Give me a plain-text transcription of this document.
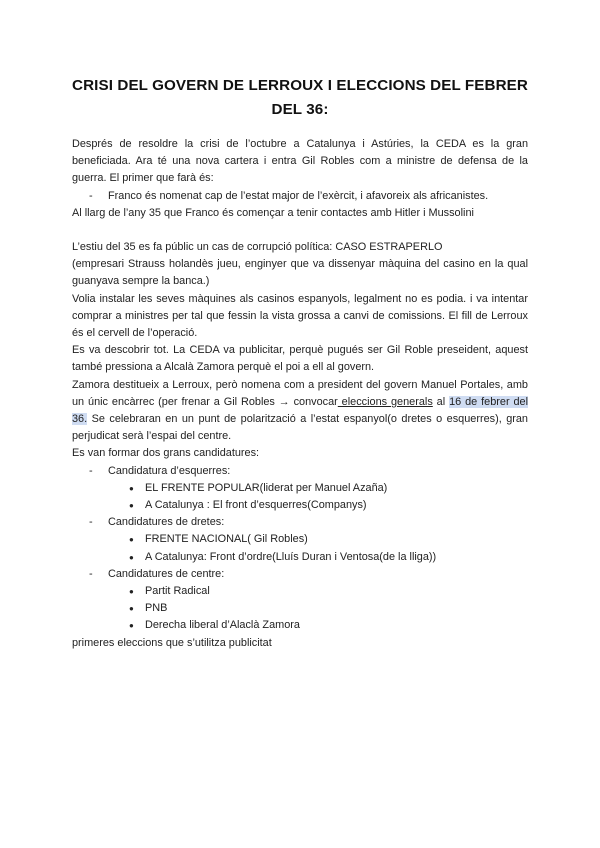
CRISI DEL GOVERN DE LERROUX I ELECCIONS DEL FEBRER
DEL 36:

Després de resoldre la crisi de l’octubre a Catalunya i Astúries, la CEDA es la gran beneficiada. Ara té una nova cartera i entra Gil Robles com a ministre de defensa de la guerra. El primer que farà és:

- Franco és nomenat cap de l’estat major de l’exèrcit, i afavoreix als africanistes.

Al llarg de l’any 35 que Franco és començar a tenir contactes amb Hitler i Mussolini

L’estiu del 35 es fa públic un cas de corrupció política: CASO ESTRAPERLO

(empresari Strauss holandès jueu, enginyer que va dissenyar màquina del casino en la qual guanyava sempre la banca.)

Volia instalar les seves màquines als casinos espanyols, legalment no es podia. i va intentar comprar a ministres per tal que fessin la vista grossa a canvi de comissions. El fill de Lerroux és el cervell de l’operació.

Es va descobrir tot. La CEDA va publicitar, perquè pugués ser Gil Roble preseident, aquest també pressiona a Alcalà Zamora perquè el poi a ell al govern.

Zamora destitueix a Lerroux, però nomena com a president del govern Manuel Portales, amb un únic encàrrec (per frenar a Gil Robles → convocar eleccions generals al 16 de febrer del 36. Se celebraran en un punt de polarització a l’estat espanyol(o dretes o esquerres), gran perjudicat serà l’espai del centre.

Es van formar dos grans candidatures:

- Candidatura d’esquerres:
● EL FRENTE POPULAR(liderat per Manuel Azaña)
● A Catalunya : El front d’esquerres(Companys)
- Candidatures de dretes:
● FRENTE NACIONAL( Gil Robles)
● A Catalunya: Front d’ordre(Lluís Duran i Ventosa(de la lliga))
- Candidatures de centre:
● Partit Radical
● PNB
● Derecha liberal d’Alaclà Zamora

primeres eleccions que s’utilitza publicitat
